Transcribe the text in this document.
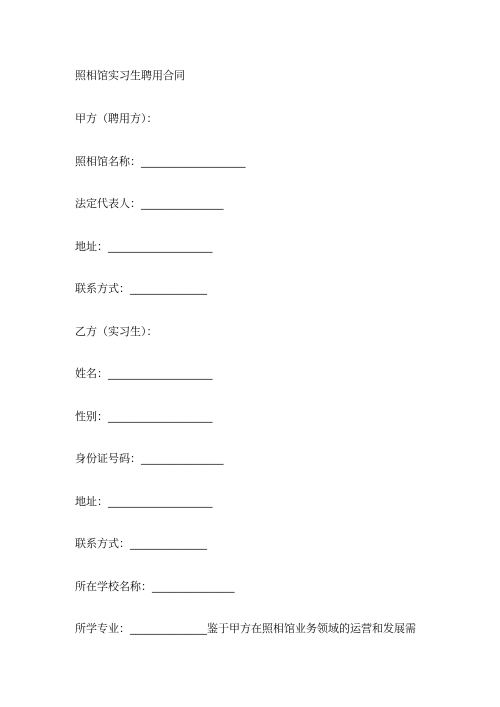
照相馆实习生聘用合同
甲方（聘用方）：
照相馆名称：___________________
法定代表人：_______________
地址：___________________
联系方式：______________
乙方（实习生）：
姓名：___________________
性别：___________________
身份证号码：_______________
地址：___________________
联系方式：______________
所在学校名称：_______________
所学专业：______________鉴于甲方在照相馆业务领域的运营和发展需
